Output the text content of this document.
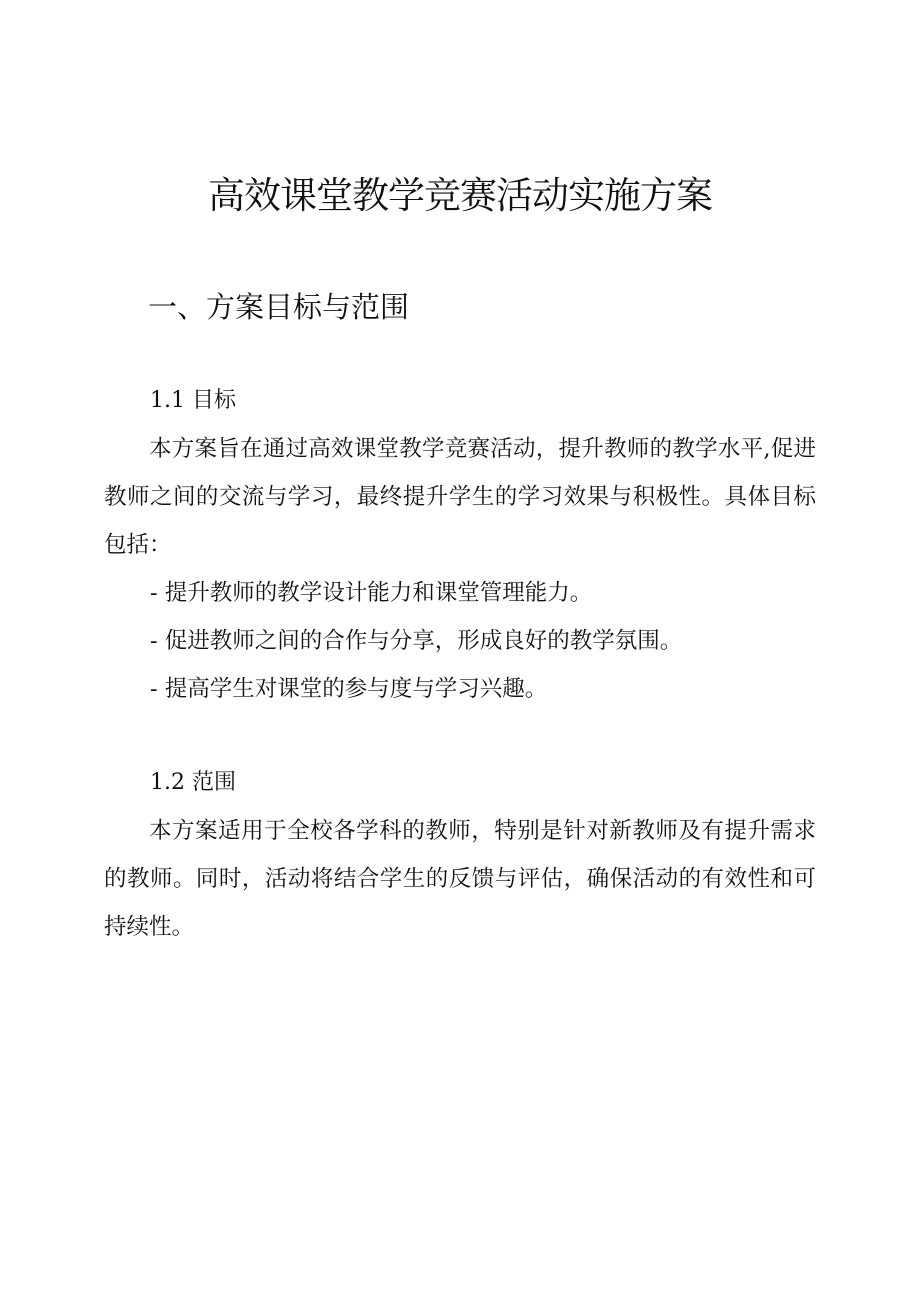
高效课堂教学竞赛活动实施方案
一、方案目标与范围

1.1 目标

本方案旨在通过高效课堂教学竞赛活动，提升教师的教学水平,促进教师之间的交流与学习，最终提升学生的学习效果与积极性。具体目标包括：

- 提升教师的教学设计能力和课堂管理能力。

- 促进教师之间的合作与分享，形成良好的教学氛围。

- 提高学生对课堂的参与度与学习兴趣。

1.2 范围

本方案适用于全校各学科的教师，特别是针对新教师及有提升需求的教师。同时，活动将结合学生的反馈与评估，确保活动的有效性和可持续性。
